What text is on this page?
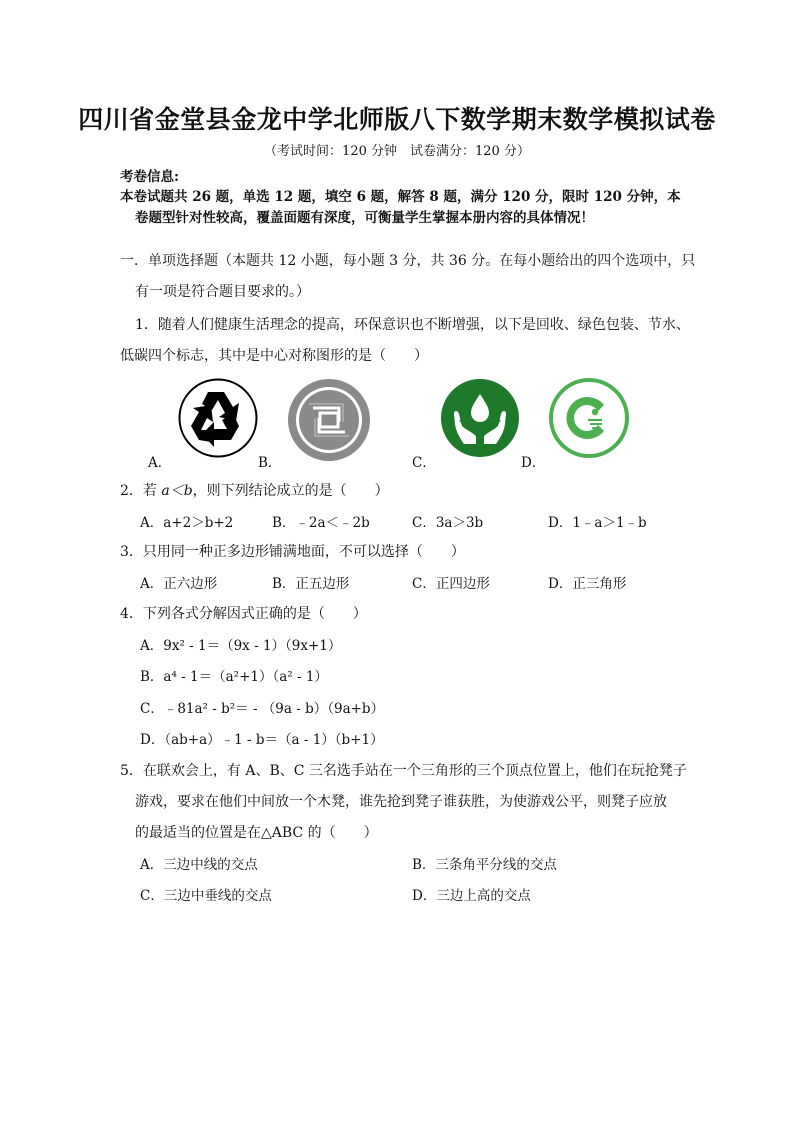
四川省金堂县金龙中学北师版八下数学期末数学模拟试卷
（考试时间：120 分钟　试卷满分：120 分）
考卷信息:
本卷试题共 26 题，单选 12 题，填空 6 题，解答 8 题，满分 120 分，限时 120 分钟，本
卷题型针对性较高，覆盖面题有深度，可衡量学生掌握本册内容的具体情况！
一．单项选择题（本题共 12 小题，每小题 3 分，共 36 分。在每小题给出的四个选项中，只
有一项是符合题目要求的。）
1．随着人们健康生活理念的提高，环保意识也不断增强，以下是回收、绿色包装、节水、
低碳四个标志，其中是中心对称图形的是（　　）
A．	B．	C．	D．
2．若 a＜b，则下列结论成立的是（　　）
A．a+2＞b+2	B．﹣2a＜﹣2b	C．3a＞3b	D．1﹣a＞1﹣b
3．只用同一种正多边形铺满地面，不可以选择（　　）
A．正六边形	B．正五边形	C．正四边形	D．正三角形
4．下列各式分解因式正确的是（　　）
A．9x² ‐ 1＝（9x ‐ 1）（9x+1）
B．a⁴ ‐ 1＝（a²+1）（a² ‐ 1）
C．﹣81a² ‐ b²＝ ‐ （9a ‐ b）（9a+b）
D．（ab+a）﹣1 ‐ b＝（a ‐ 1）（b+1）
5．在联欢会上，有 A、B、C 三名选手站在一个三角形的三个顶点位置上，他们在玩抢凳子
游戏，要求在他们中间放一个木凳，谁先抢到凳子谁获胜，为使游戏公平，则凳子应放
的最适当的位置是在△ABC 的（　　）
A．三边中线的交点	B．三条角平分线的交点
C．三边中垂线的交点	D．三边上高的交点
